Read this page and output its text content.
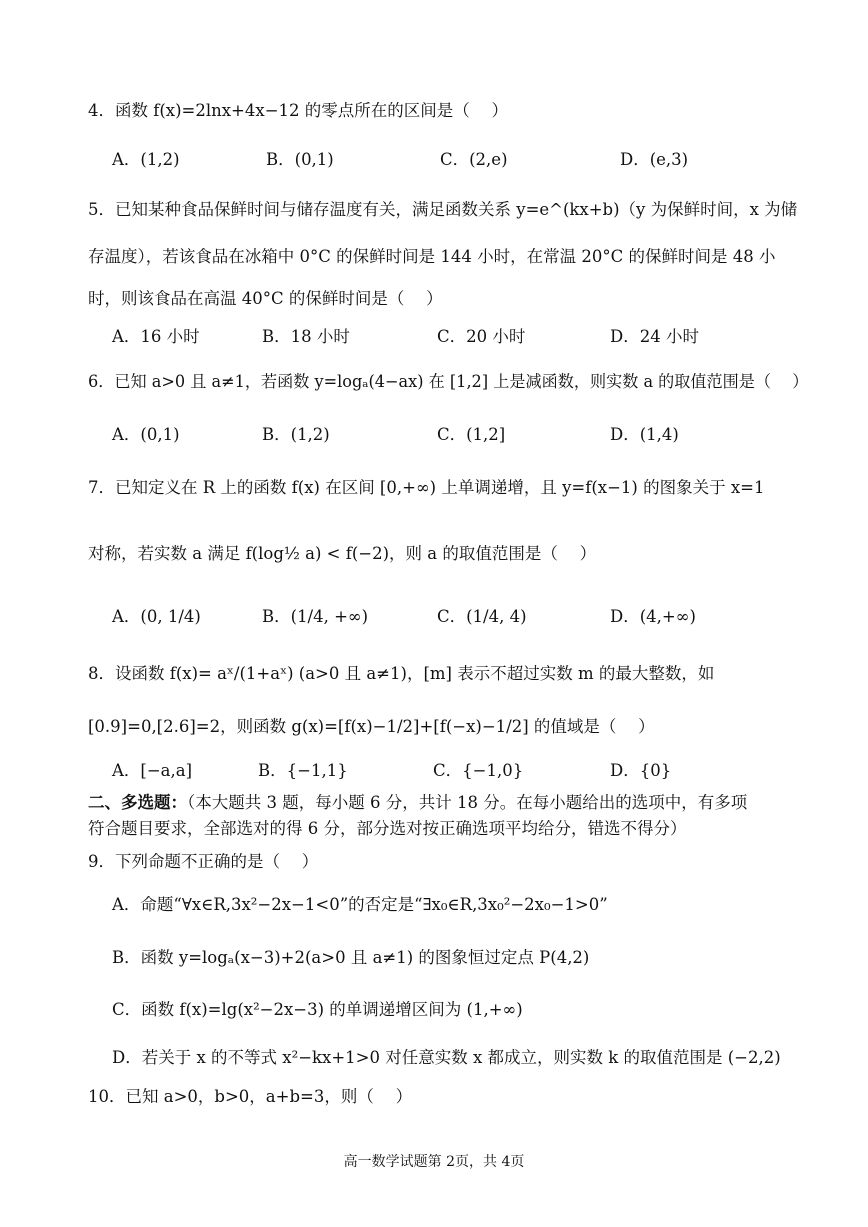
4．函数 f(x)=2lnx+4x−12 的零点所在的区间是（　 ）
A．(1,2)	B．(0,1)	C．(2,e)	D．(e,3)
5．已知某种食品保鲜时间与储存温度有关，满足函数关系 y=e^(kx+b)（y 为保鲜时间，x 为储
存温度），若该食品在冰箱中 0°C 的保鲜时间是 144 小时，在常温 20°C 的保鲜时间是 48 小
时，则该食品在高温 40°C 的保鲜时间是（　 ）
A．16 小时	B．18 小时	C．20 小时	D．24 小时
6．已知 a>0 且 a≠1，若函数 y=logₐ(4−ax) 在 [1,2] 上是减函数，则实数 a 的取值范围是（　 ）
A．(0,1)	B．(1,2)	C．(1,2]	D．(1,4)
7．已知定义在 R 上的函数 f(x) 在区间 [0,+∞) 上单调递增，且 y=f(x−1) 的图象关于 x=1
对称，若实数 a 满足 f(log½ a) < f(−2)，则 a 的取值范围是（　 ）
A．(0, 1/4)	B．(1/4, +∞)	C．(1/4, 4)	D．(4,+∞)
8．设函数 f(x)= aˣ/(1+aˣ) (a>0 且 a≠1)，[m] 表示不超过实数 m 的最大整数，如
[0.9]=0,[2.6]=2，则函数 g(x)=[f(x)−1/2]+[f(−x)−1/2] 的值域是（　 ）
A．[−a,a]	B．{−1,1}	C．{−1,0}	D．{0}
二、多选题：（本大题共 3 题，每小题 6 分，共计 18 分。在每小题给出的选项中，有多项
符合题目要求，全部选对的得 6 分，部分选对按正确选项平均给分，错选不得分）
9．下列命题不正确的是（　 ）
A．命题“∀x∈R,3x²−2x−1<0”的否定是“∃x₀∈R,3x₀²−2x₀−1>0”
B．函数 y=logₐ(x−3)+2(a>0 且 a≠1) 的图象恒过定点 P(4,2)
C．函数 f(x)=lg(x²−2x−3) 的单调递增区间为 (1,+∞)
D．若关于 x 的不等式 x²−kx+1>0 对任意实数 x 都成立，则实数 k 的取值范围是 (−2,2)
10．已知 a>0，b>0，a+b=3，则（　 ）
高一数学试题第 2页，共 4页
